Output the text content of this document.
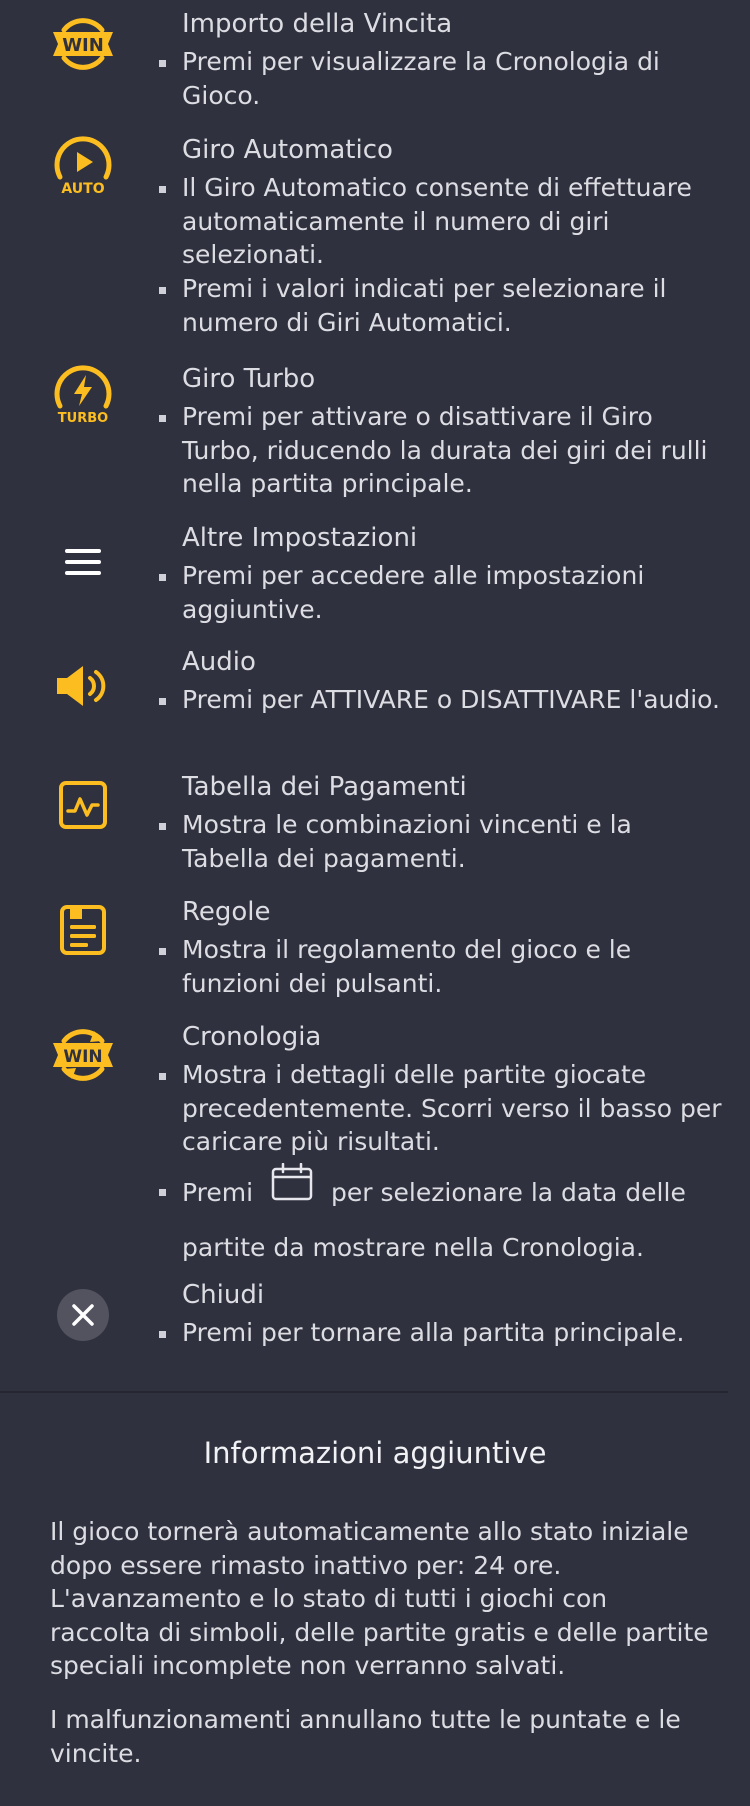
WIN
Importo della Vincita
Premi per visualizzare la Cronologia di Gioco.
AUTO
Giro Automatico
Il Giro Automatico consente di effettuare automaticamente il numero di giri selezionati.
Premi i valori indicati per selezionare il numero di Giri Automatici.
TURBO
Giro Turbo
Premi per attivare o disattivare il Giro Turbo, riducendo la durata dei giri dei rulli nella partita principale.
Altre Impostazioni
Premi per accedere alle impostazioni aggiuntive.
Audio
Premi per ATTIVARE o DISATTIVARE l'audio.
Tabella dei Pagamenti
Mostra le combinazioni vincenti e la Tabella dei pagamenti.
Regole
Mostra il regolamento del gioco e le funzioni dei pulsanti.
WIN
Cronologia
Mostra i dettagli delle partite giocate precedentemente. Scorri verso il basso per caricare più risultati.
Premi	per selezionare la data delle partite da mostrare nella Cronologia.
Chiudi
Premi per tornare alla partita principale.
Informazioni aggiuntive
Il gioco tornerà automaticamente allo stato iniziale dopo essere rimasto inattivo per: 24 ore. L'avanzamento e lo stato di tutti i giochi con raccolta di simboli, delle partite gratis e delle partite speciali incomplete non verranno salvati.
I malfunzionamenti annullano tutte le puntate e le vincite.
